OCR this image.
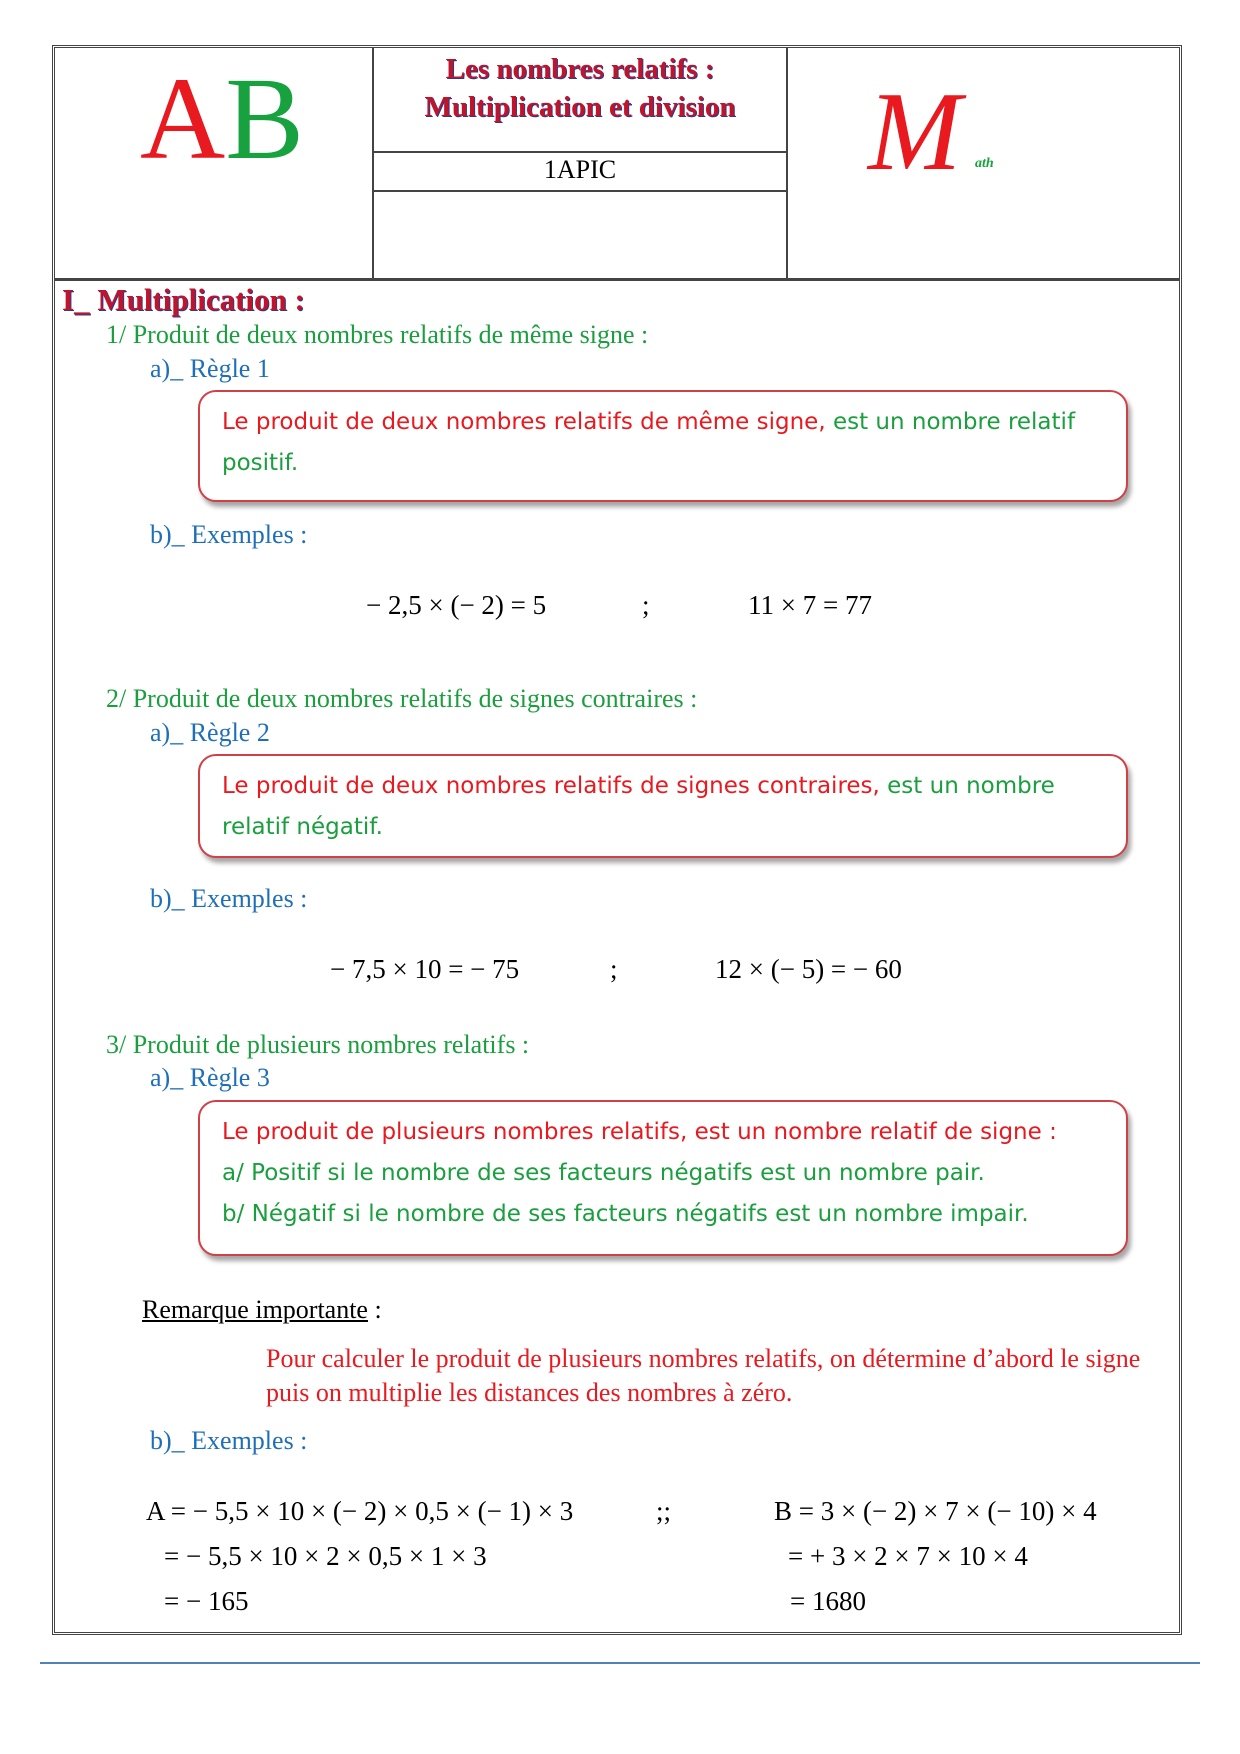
AB	Les nombres relatifs :
Multiplication et division
1APIC	M ath
I_ Multiplication :
1/ Produit de deux nombres relatifs de même signe :
a)_ Règle 1
Le produit de deux nombres relatifs de même signe, est un nombre relatif positif.
b)_ Exemples :
− 2,5 × (− 2) = 5	;	11 × 7 = 77
2/ Produit de deux nombres relatifs de signes contraires :
a)_ Règle 2
Le produit de deux nombres relatifs de signes contraires, est un nombre relatif négatif.
b)_ Exemples :
− 7,5 × 10 = − 75	;	12 × (− 5) = − 60
3/ Produit de plusieurs nombres relatifs :
a)_ Règle 3
Le produit de plusieurs nombres relatifs, est un nombre relatif de signe :
a/ Positif si le nombre de ses facteurs négatifs est un nombre pair.
b/ Négatif si le nombre de ses facteurs négatifs est un nombre impair.
Remarque importante :
Pour calculer le produit de plusieurs nombres relatifs, on détermine d’abord le signe puis on multiplie les distances des nombres à zéro.
b)_ Exemples :
A = − 5,5 × 10 × (− 2) × 0,5 × (− 1) × 3
= − 5,5 × 10 × 2 × 0,5 × 1 × 3
= − 165
;;	B = 3 × (− 2) × 7 × (− 10) × 4
= + 3 × 2 × 7 × 10 × 4
= 1680
